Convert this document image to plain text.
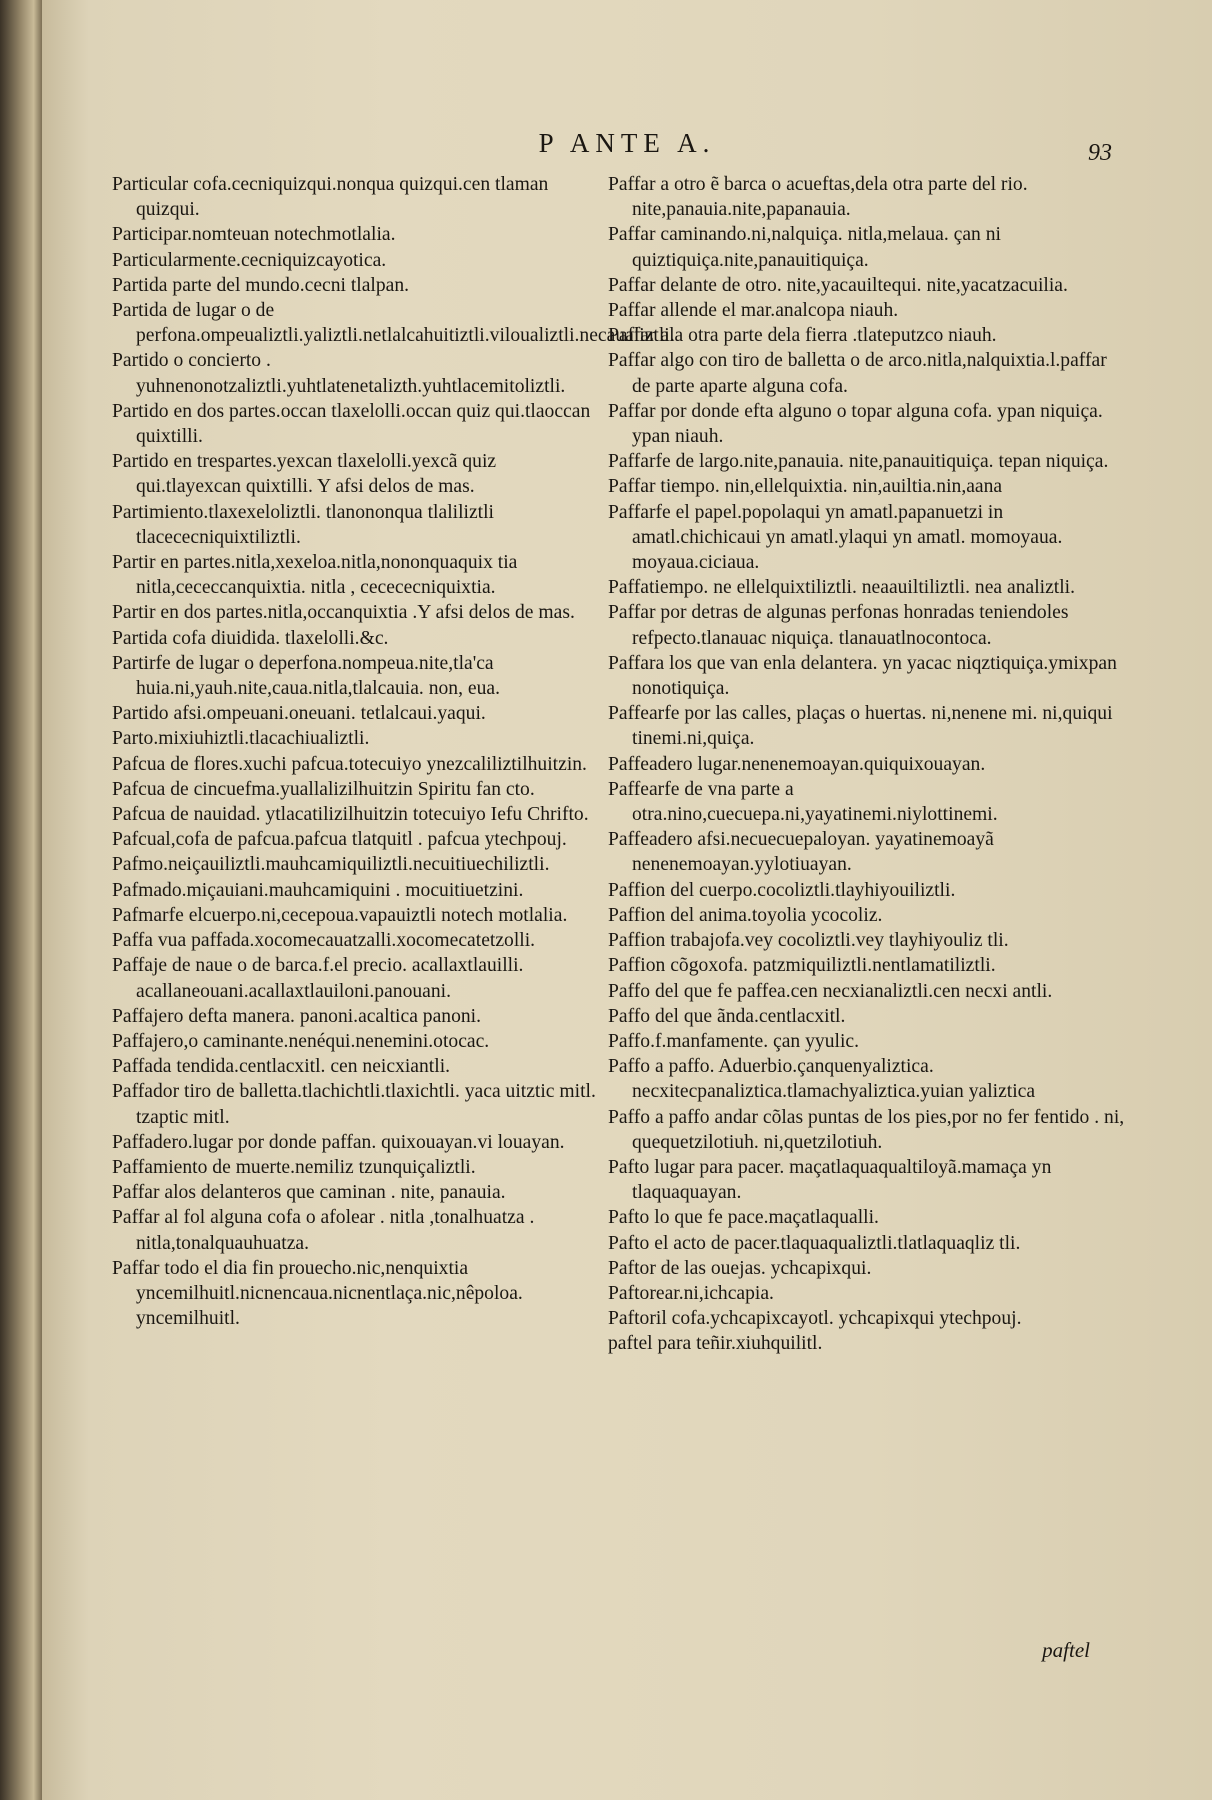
P ANTE A.	93

Particular cofa.cecniquizqui.nonqua quizqui.cen tlaman quizqui.

Participar.nomteuan notechmotlalia.

Particularmente.cecniquizcayotica.

Partida parte del mundo.cecni tlalpan.

Partida de lugar o de perfona.ompeualiztli.yaliztli.netlalcahuitiztli.viloualiztli.necaualiztli.

Partido o concierto . yuhnenonotzaliztli.yuhtlatenetalizth.yuhtlacemitoliztli.

Partido en dos partes.occan tlaxelolli.occan quiz qui.tlaoccan quixtilli.

Partido en trespartes.yexcan tlaxelolli.yexcã quiz qui.tlayexcan quixtilli. Y afsi delos de mas.

Partimiento.tlaxexeloliztli. tlanononqua tlaliliztli tlacececniquixtiliztli.

Partir en partes.nitla,xexeloa.nitla,nononquaquix tia nitla,cececcanquixtia. nitla , cecececniquixtia.

Partir en dos partes.nitla,occanquixtia .Y afsi delos de mas.

Partida cofa diuidida. tlaxelolli.&c.

Partirfe de lugar o deperfona.nompeua.nite,tla'ca huia.ni,yauh.nite,caua.nitla,tlalcauia. non, eua.

Partido afsi.ompeuani.oneuani. tetlalcaui.yaqui.

Parto.mixiuhiztli.tlacachiualiztli.

Pafcua de flores.xuchi pafcua.totecuiyo ynezcaliliztilhuitzin.

Pafcua de cincuefma.yuallalizilhuitzin Spiritu fan cto.

Pafcua de nauidad. ytlacatilizilhuitzin totecuiyo Iefu Chrifto.

Pafcual,cofa de pafcua.pafcua tlatquitl . pafcua ytechpouj.

Pafmo.neiçauiliztli.mauhcamiquiliztli.necuitiuechiliztli.

Pafmado.miçauiani.mauhcamiquini . mocuitiuetzini.

Pafmarfe elcuerpo.ni,cecepoua.vapauiztli notech motlalia.

Paffa vua paffada.xocomecauatzalli.xocomecatetzolli.

Paffaje de naue o de barca.f.el precio. acallaxtlauilli. acallaneouani.acallaxtlauiloni.panouani.

Paffajero defta manera. panoni.acaltica panoni.

Paffajero,o caminante.nenéqui.nenemini.otocac.

Paffada tendida.centlacxitl. cen neicxiantli.

Paffador tiro de balletta.tlachichtli.tlaxichtli. yaca uitztic mitl. tzaptic mitl.

Paffadero.lugar por donde paffan. quixouayan.vi louayan.

Paffamiento de muerte.nemiliz tzunquiçaliztli.

Paffar alos delanteros que caminan . nite, panauia.

Paffar al fol alguna cofa o afolear . nitla ,tonalhuatza . nitla,tonalquauhuatza.

Paffar todo el dia fin prouecho.nic,nenquixtia yncemilhuitl.nicnencaua.nicnentlaça.nic,nêpoloa. yncemilhuitl.

Paffar a otro ẽ barca o acueftas,dela otra parte del rio. nite,panauia.nite,papanauia.

Paffar caminando.ni,nalquiça. nitla,melaua. çan ni quiztiquiça.nite,panauitiquiça.

Paffar delante de otro. nite,yacauiltequi. nite,yacatzacuilia.

Paffar allende el mar.analcopa niauh.

Paffar ala otra parte dela fierra .tlateputzco niauh.

Paffar algo con tiro de balletta o de arco.nitla,nalquixtia.l.paffar de parte aparte alguna cofa.

Paffar por donde efta alguno o topar alguna cofa. ypan niquiça. ypan niauh.

Paffarfe de largo.nite,panauia. nite,panauitiquiça. tepan niquiça.

Paffar tiempo. nin,ellelquixtia. nin,auiltia.nin,aana

Paffarfe el papel.popolaqui yn amatl.papanuetzi in amatl.chichicaui yn amatl.ylaqui yn amatl. momoyaua. moyaua.ciciaua.

Paffatiempo. ne ellelquixtiliztli. neaauiltiliztli. nea analiztli.

Paffar por detras de algunas perfonas honradas teniendoles refpecto.tlanauac niquiça. tlanauatlnocontoca.

Paffara los que van enla delantera. yn yacac niqztiquiça.ymixpan nonotiquiça.

Paffearfe por las calles, plaças o huertas. ni,nenene mi. ni,quiqui tinemi.ni,quiça.

Paffeadero lugar.nenenemoayan.quiquixouayan.

Paffearfe de vna parte a otra.nino,cuecuepa.ni,yayatinemi.niylottinemi.

Paffeadero afsi.necuecuepaloyan. yayatinemoayã nenenemoayan.yylotiuayan.

Paffion del cuerpo.cocoliztli.tlayhiyouiliztli.

Paffion del anima.toyolia ycocoliz.

Paffion trabajofa.vey cocoliztli.vey tlayhiyouliz tli.

Paffion cõgoxofa. patzmiquiliztli.nentlamatiliztli.

Paffo del que fe paffea.cen necxianaliztli.cen necxi antli.

Paffo del que ãnda.centlacxitl.

Paffo.f.manfamente. çan yyulic.

Paffo a paffo. Aduerbio.çanquenyaliztica. necxitecpanaliztica.tlamachyaliztica.yuian yaliztica

Paffo a paffo andar cõlas puntas de los pies,por no fer fentido . ni, quequetzilotiuh. ni,quetzilotiuh.

Pafto lugar para pacer. maçatlaquaqualtiloyã.mamaça yn tlaquaquayan.

Pafto lo que fe pace.maçatlaqualli.

Pafto el acto de pacer.tlaquaqualiztli.tlatlaquaqliz tli.

Paftor de las ouejas. ychcapixqui.

Paftorear.ni,ichcapia.

Paftoril cofa.ychcapixcayotl. ychcapixqui ytechpouj.

paftel para teñir.xiuhquilitl.

paftel
